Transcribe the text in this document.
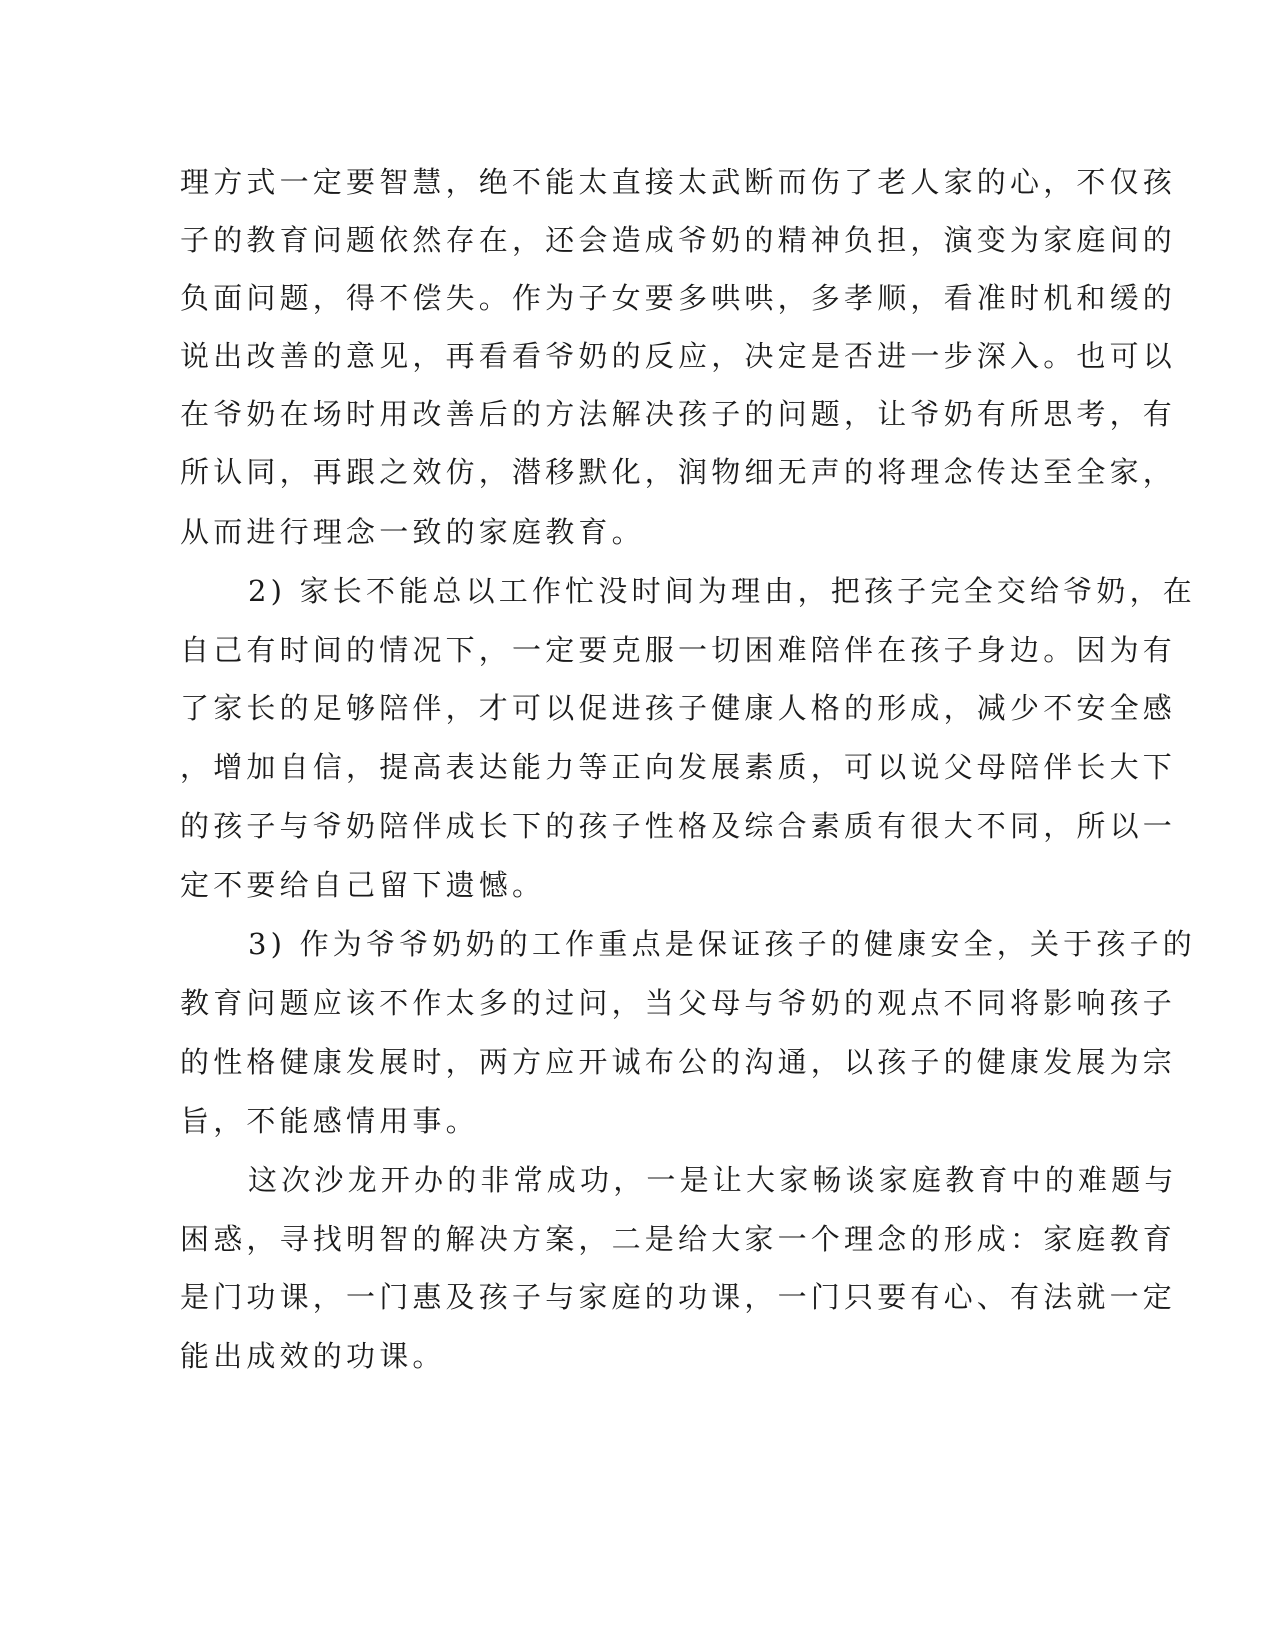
理方式一定要智慧，绝不能太直接太武断而伤了老人家的心，不仅孩
子的教育问题依然存在，还会造成爷奶的精神负担，演变为家庭间的
负面问题，得不偿失。作为子女要多哄哄，多孝顺，看准时机和缓的
说出改善的意见，再看看爷奶的反应，决定是否进一步深入。也可以
在爷奶在场时用改善后的方法解决孩子的问题，让爷奶有所思考，有
所认同，再跟之效仿，潜移默化，润物细无声的将理念传达至全家，
从而进行理念一致的家庭教育。
2) 家长不能总以工作忙没时间为理由，把孩子完全交给爷奶，在
自己有时间的情况下，一定要克服一切困难陪伴在孩子身边。因为有
了家长的足够陪伴，才可以促进孩子健康人格的形成，减少不安全感
，增加自信，提高表达能力等正向发展素质，可以说父母陪伴长大下
的孩子与爷奶陪伴成长下的孩子性格及综合素质有很大不同，所以一
定不要给自己留下遗憾。
3) 作为爷爷奶奶的工作重点是保证孩子的健康安全，关于孩子的
教育问题应该不作太多的过问，当父母与爷奶的观点不同将影响孩子
的性格健康发展时，两方应开诚布公的沟通，以孩子的健康发展为宗
旨，不能感情用事。
这次沙龙开办的非常成功，一是让大家畅谈家庭教育中的难题与
困惑，寻找明智的解决方案，二是给大家一个理念的形成：家庭教育
是门功课，一门惠及孩子与家庭的功课，一门只要有心、有法就一定
能出成效的功课。
